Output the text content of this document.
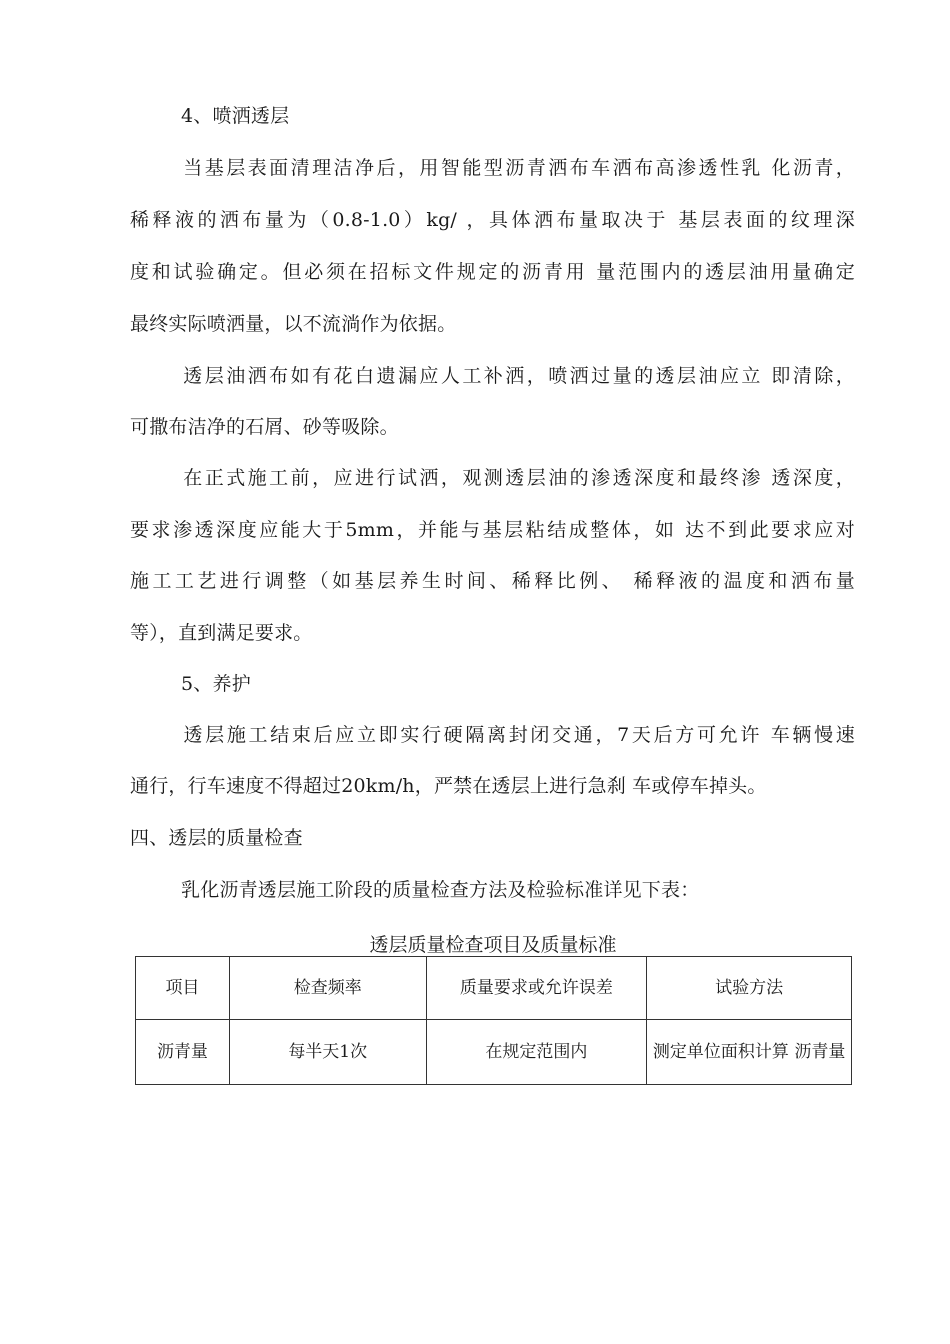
4、喷洒透层
当基层表面清理洁净后，用智能型沥青洒布车洒布高渗透性乳 化沥青，
稀释液的洒布量为（0.8-1.0）kg/ ，具体洒布量取决于 基层表面的纹理深
度和试验确定。但必须在招标文件规定的沥青用 量范围内的透层油用量确定
最终实际喷洒量，以不流淌作为依据。
透层油洒布如有花白遗漏应人工补洒，喷洒过量的透层油应立 即清除，
可撒布洁净的石屑、砂等吸除。
在正式施工前，应进行试洒，观测透层油的渗透深度和最终渗 透深度，
要求渗透深度应能大于5mm，并能与基层粘结成整体，如 达不到此要求应对
施工工艺进行调整（如基层养生时间、稀释比例、 稀释液的温度和洒布量
等），直到满足要求。
5、养护
透层施工结束后应立即实行硬隔离封闭交通，7天后方可允许 车辆慢速
通行，行车速度不得超过20km/h，严禁在透层上进行急刹 车或停车掉头。
四、透层的质量检查
乳化沥青透层施工阶段的质量检查方法及检验标准详见下表：
透层质量检查项目及质量标准
项目	检查频率	质量要求或允许误差	试验方法
沥青量	每半天1次	在规定范围内	测定单位面积计算 沥青量
